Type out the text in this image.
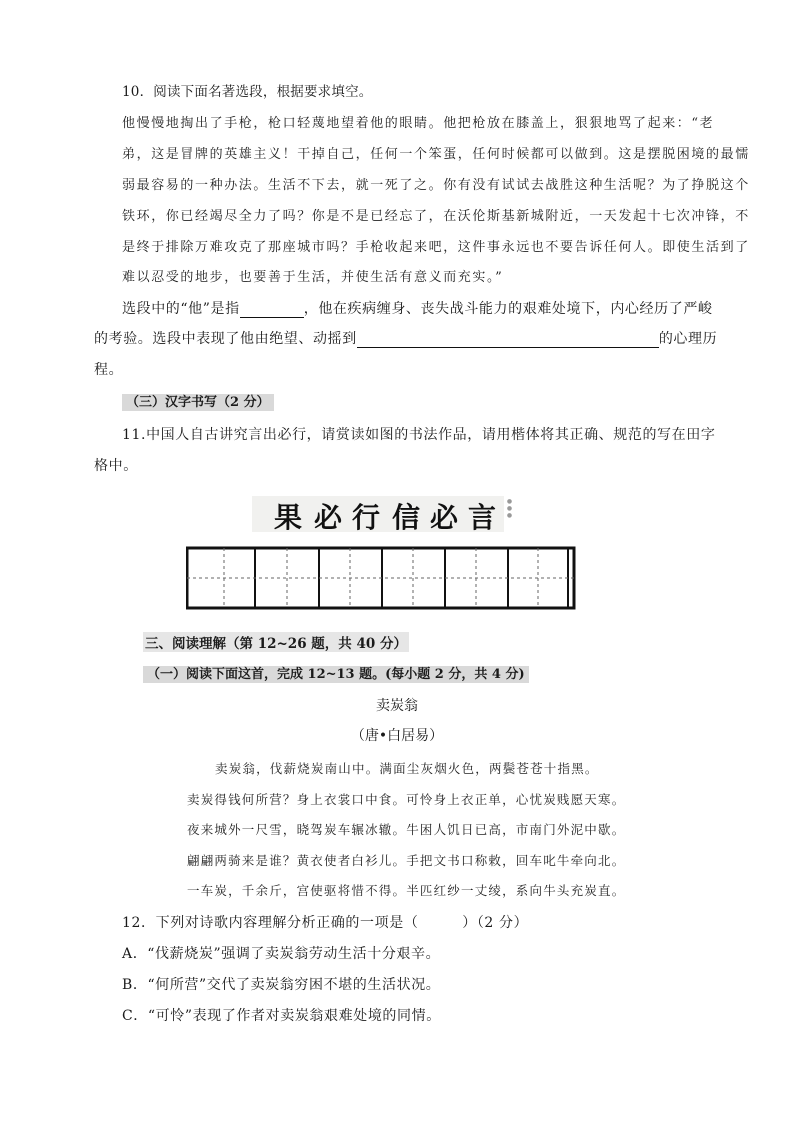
10．阅读下面名著选段，根据要求填空。
他慢慢地掏出了手枪，枪口轻蔑地望着他的眼睛。他把枪放在膝盖上，狠狠地骂了起来：“老
弟，这是冒牌的英雄主义！干掉自己，任何一个笨蛋，任何时候都可以做到。这是摆脱困境的最懦
弱最容易的一种办法。生活不下去，就一死了之。你有没有试试去战胜这种生活呢？为了挣脱这个
铁环，你已经竭尽全力了吗？你是不是已经忘了，在沃伦斯基新城附近，一天发起十七次冲锋，不
是终于排除万难攻克了那座城市吗？手枪收起来吧，这件事永远也不要告诉任何人。即使生活到了
难以忍受的地步，也要善于生活，并使生活有意义而充实。”
选段中的“他”是指	，他在疾病缠身、丧失战斗能力的艰难处境下，内心经历了严峻
的考验。选段中表现了他由绝望、动摇到	的心理历
程。
（三）汉字书写（2 分）
11.中国人自古讲究言出必行，请赏读如图的书法作品，请用楷体将其正确、规范的写在田字
格中。
果 必 行 信 必 言 ●●●
三、阅读理解（第 12~26 题，共 40 分）
（一）阅读下面这首，完成 12~13 题。(每小题 2 分，共 4 分)
卖炭翁
（唐•白居易）
卖炭翁，伐薪烧炭南山中。满面尘灰烟火色，两鬓苍苍十指黑。
卖炭得钱何所营？身上衣裳口中食。可怜身上衣正单，心忧炭贱愿天寒。
夜来城外一尺雪，晓驾炭车辗冰辙。牛困人饥日已高，市南门外泥中歇。
翩翩两骑来是谁？黄衣使者白衫儿。手把文书口称敕，回车叱牛牵向北。
一车炭，千余斤，宫使驱将惜不得。半匹红纱一丈绫，系向牛头充炭直。
12．下列对诗歌内容理解分析正确的一项是（　　　）（2 分）
A．“伐薪烧炭”强调了卖炭翁劳动生活十分艰辛。
B．“何所营”交代了卖炭翁穷困不堪的生活状况。
C．“可怜”表现了作者对卖炭翁艰难处境的同情。
